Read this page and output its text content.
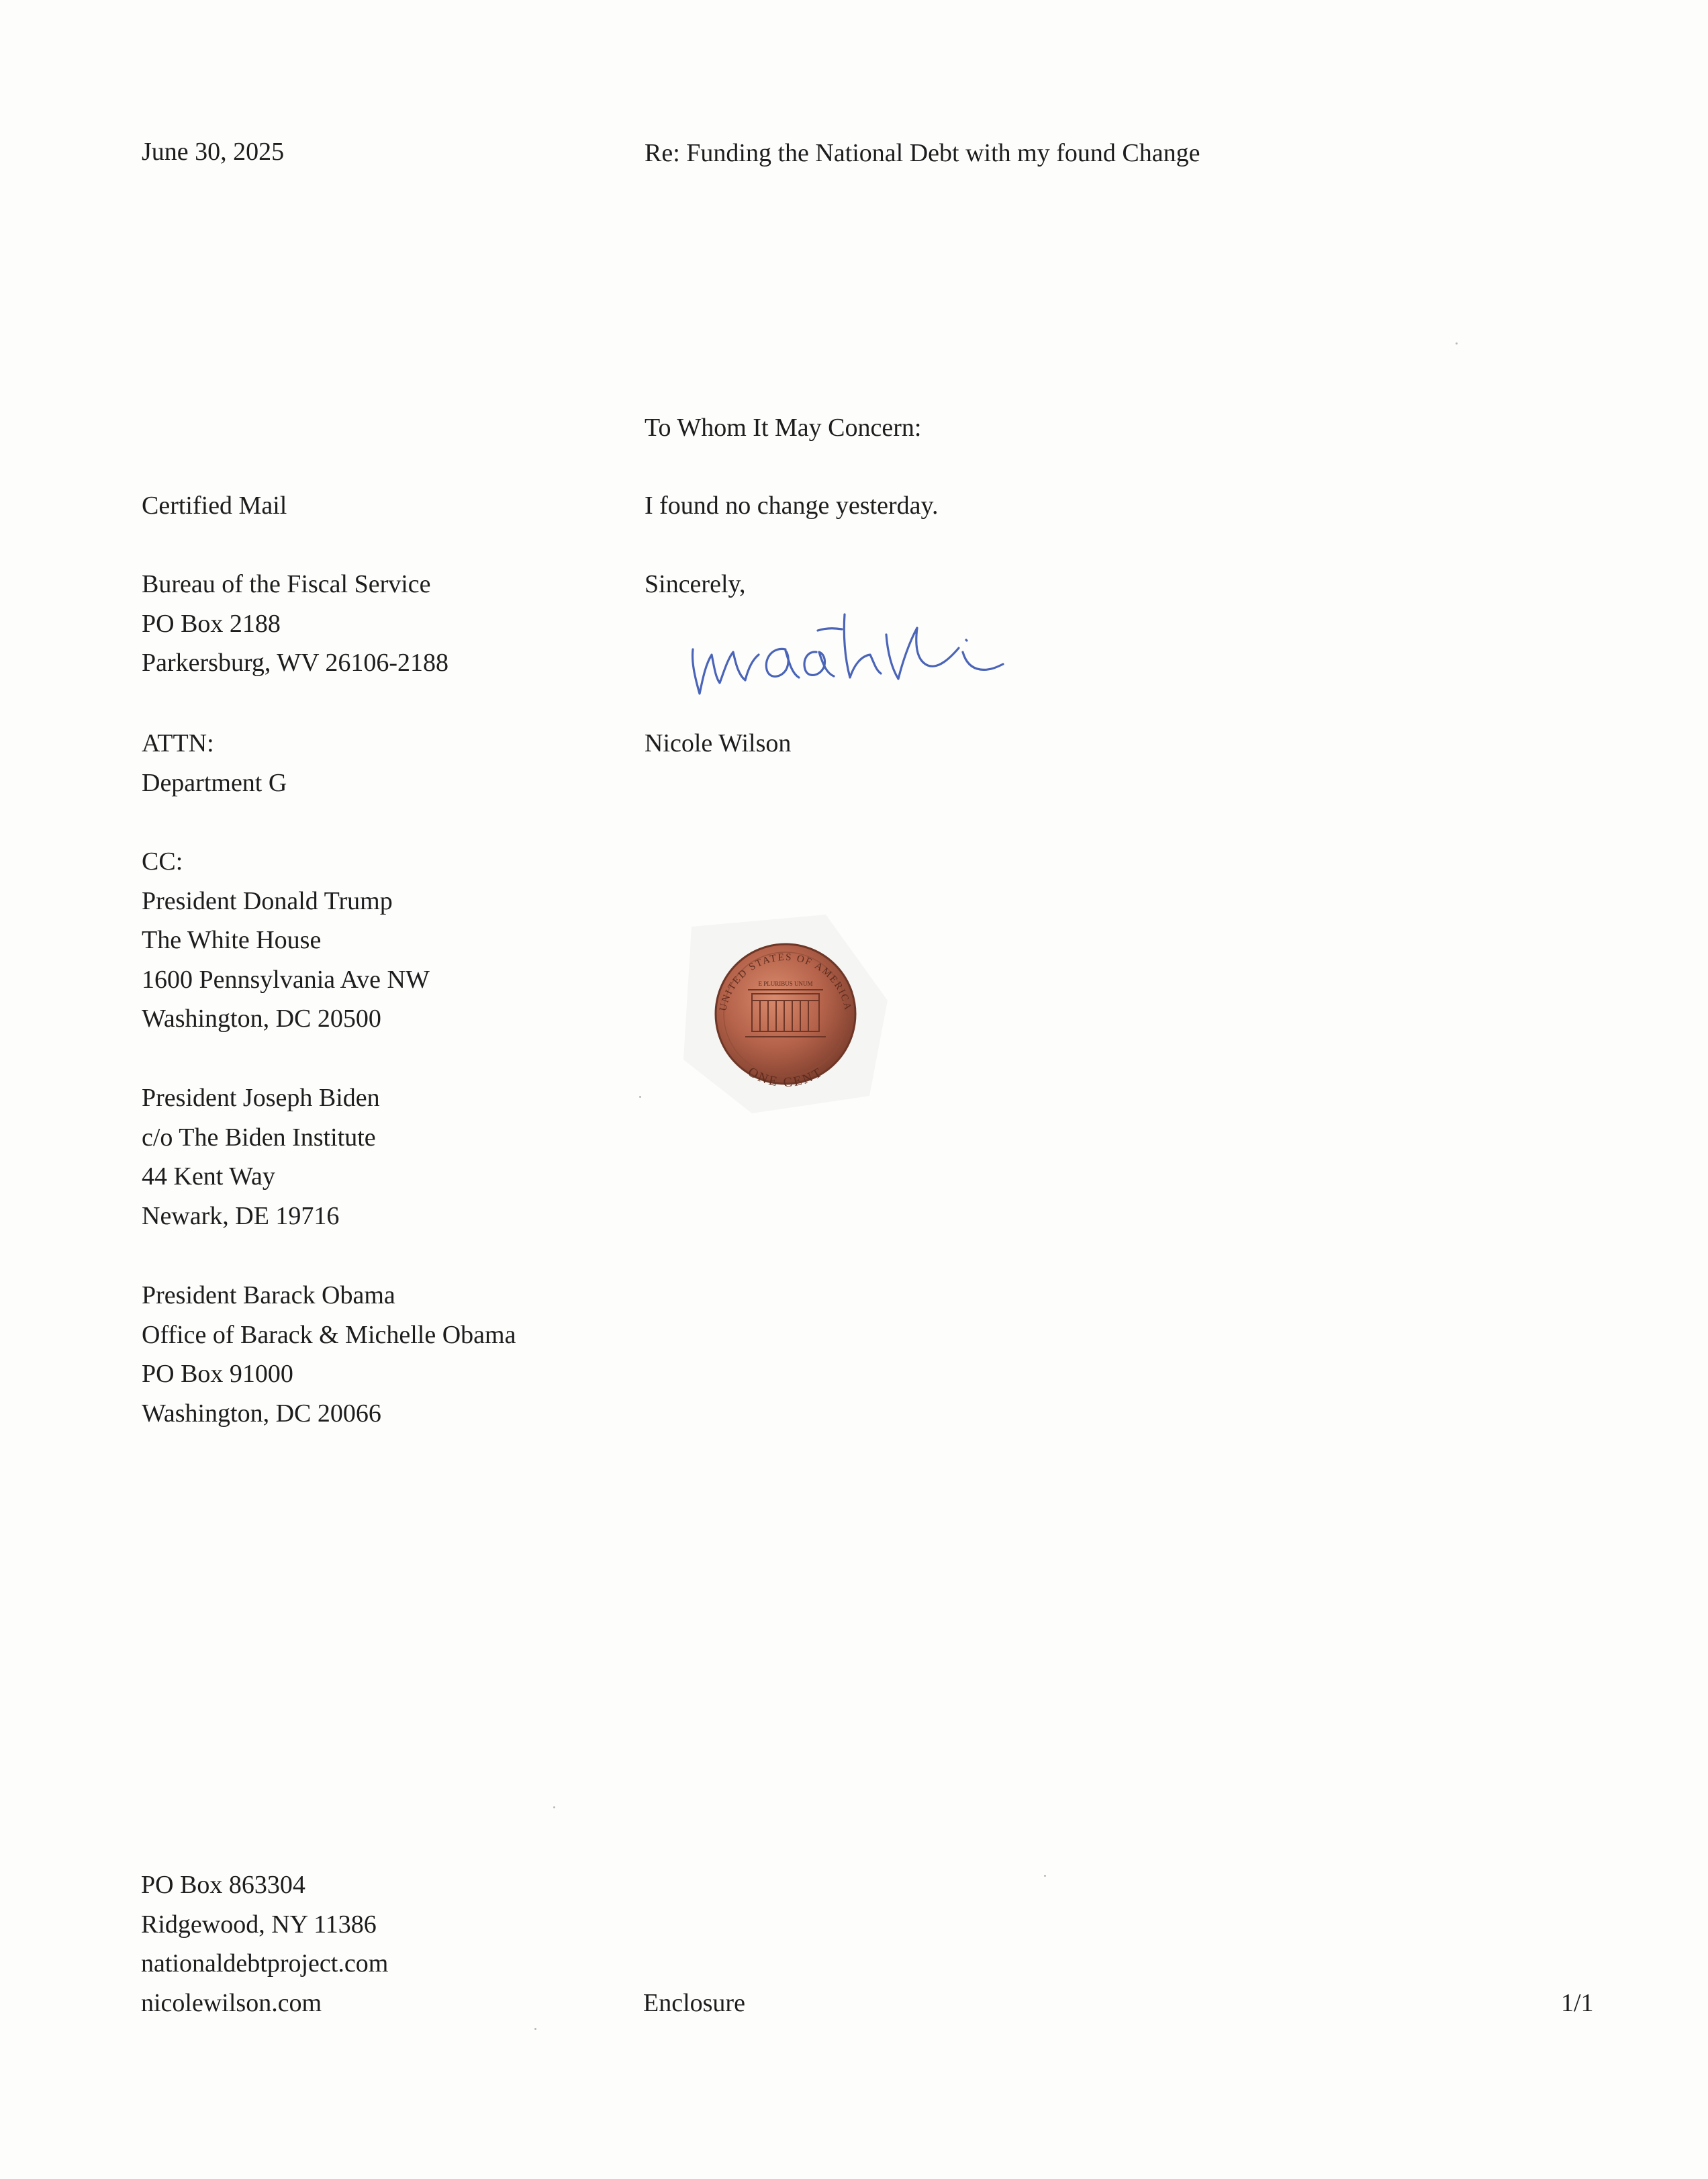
June 30, 2025	Re: Funding the National Debt with my found Change

To Whom It May Concern:

I found no change yesterday.

Sincerely,

Nicole Wilson

Certified Mail

Bureau of the Fiscal Service
PO Box 2188
Parkersburg, WV 26106-2188
ATTN:
Department G
CC:
President Donald Trump
The White House
1600 Pennsylvania Ave NW
Washington, DC 20500
President Joseph Biden
c/o The Biden Institute
44 Kent Way
Newark, DE 19716
President Barack Obama
Office of Barack & Michelle Obama
PO Box 91000
Washington, DC 20066
UNITED STATES OF AMERICA
ONE CENT
E PLURIBUS UNUM
PO Box 863304
Ridgewood, NY 11386
nationaldebtproject.com
nicolewilson.com	Enclosure	1/1
